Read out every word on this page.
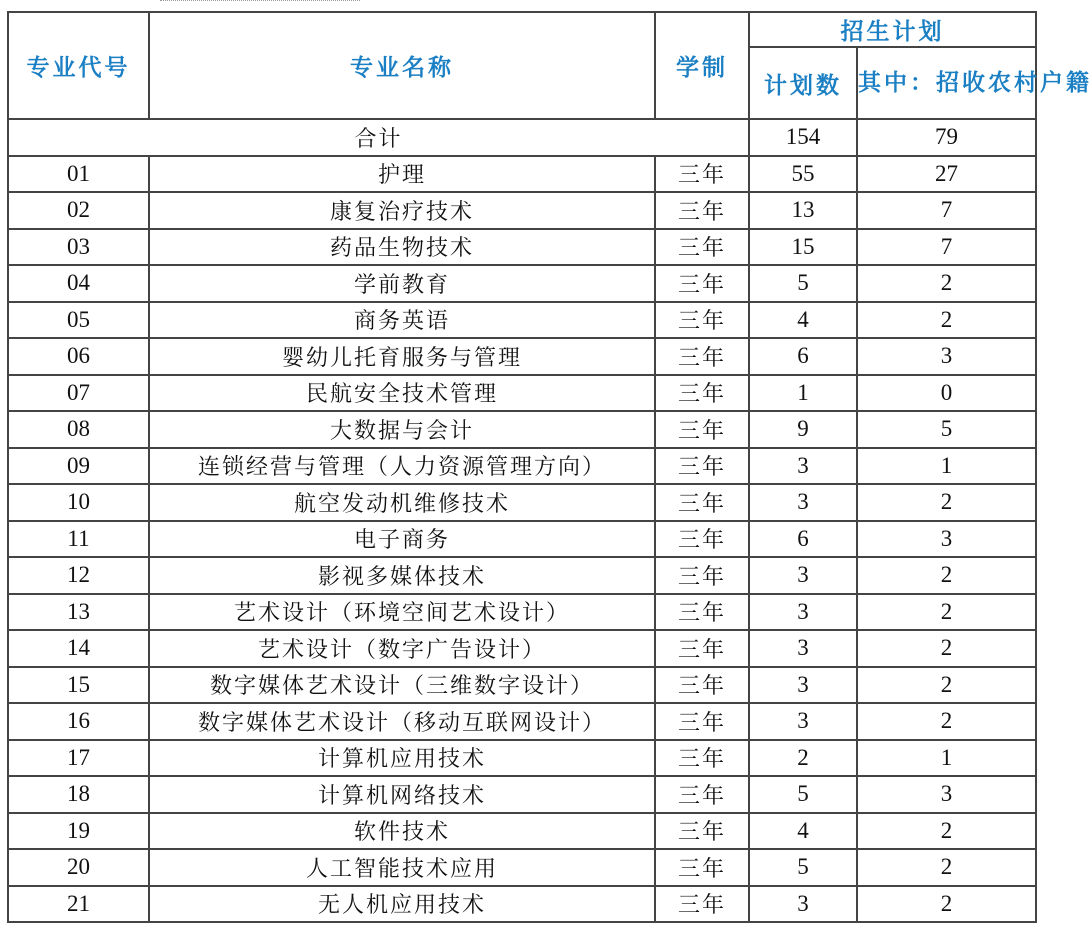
专业代号	专业名称	学制	招生计划	
			计划数	其中：招收农村户籍
合计			154	79
01	护理	三年	55	27
02	康复治疗技术	三年	13	7
03	药品生物技术	三年	15	7
04	学前教育	三年	5	2
05	商务英语	三年	4	2
06	婴幼儿托育服务与管理	三年	6	3
07	民航安全技术管理	三年	1	0
08	大数据与会计	三年	9	5
09	连锁经营与管理（人力资源管理方向）	三年	3	1
10	航空发动机维修技术	三年	3	2
11	电子商务	三年	6	3
12	影视多媒体技术	三年	3	2
13	艺术设计（环境空间艺术设计）	三年	3	2
14	艺术设计（数字广告设计）	三年	3	2
15	数字媒体艺术设计（三维数字设计）	三年	3	2
16	数字媒体艺术设计（移动互联网设计）	三年	3	2
17	计算机应用技术	三年	2	1
18	计算机网络技术	三年	5	3
19	软件技术	三年	4	2
20	人工智能技术应用	三年	5	2
21	无人机应用技术	三年	3	2
